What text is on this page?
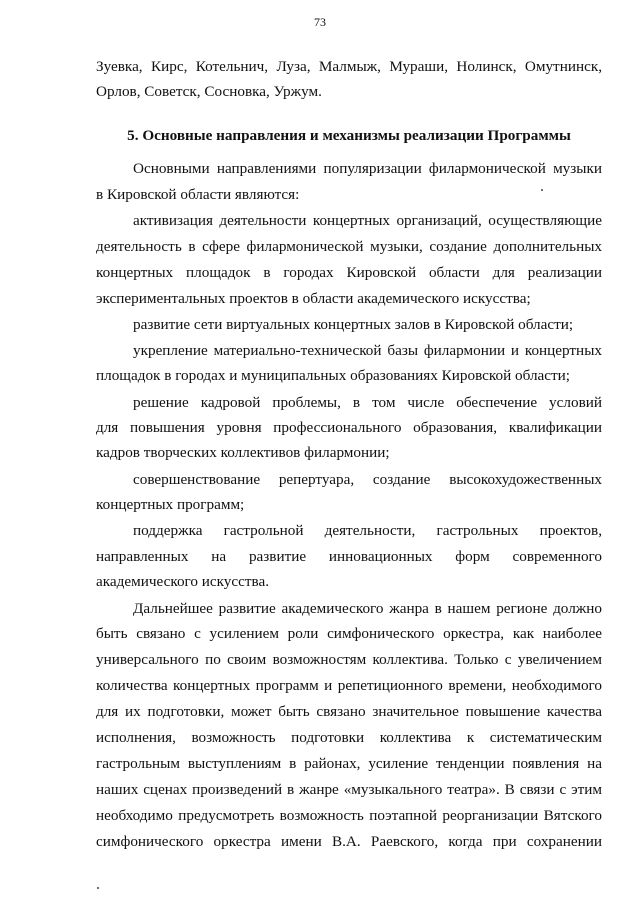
73
Зуевка, Кирс, Котельнич, Луза, Малмыж, Мураши, Нолинск, Омутнинск,
Орлов, Советск, Сосновка, Уржум.
5. Основные направления и механизмы реализации Программы
Основными направлениями популяризации филармонической музыки
в Кировской области являются:
активизация деятельности концертных организаций, осуществляющие
деятельность в сфере филармонической музыки, создание дополнительных
концертных площадок в городах Кировской области для реализации
экспериментальных проектов в области академического искусства;
развитие сети виртуальных концертных залов в Кировской области;
укрепление материально-технической базы филармонии и концертных
площадок в городах и муниципальных образованиях Кировской области;
решение кадровой проблемы, в том числе обеспечение условий
для повышения уровня профессионального образования, квалификации
кадров творческих коллективов филармонии;
совершенствование репертуара, создание высокохудожественных
концертных программ;
поддержка гастрольной деятельности, гастрольных проектов,
направленных на развитие инновационных форм современного
академического искусства.
Дальнейшее развитие академического жанра в нашем регионе должно
быть связано с усилением роли симфонического оркестра, как наиболее
универсального по своим возможностям коллектива. Только с увеличением
количества концертных программ и репетиционного времени, необходимого
для их подготовки, может быть связано значительное повышение качества
исполнения, возможность подготовки коллектива к систематическим
гастрольным выступлениям в районах, усиление тенденции появления на
наших сценах произведений в жанре «музыкального театра». В связи с этим
необходимо предусмотреть возможность поэтапной реорганизации Вятского
симфонического оркестра имени В.А. Раевского, когда при сохранении
